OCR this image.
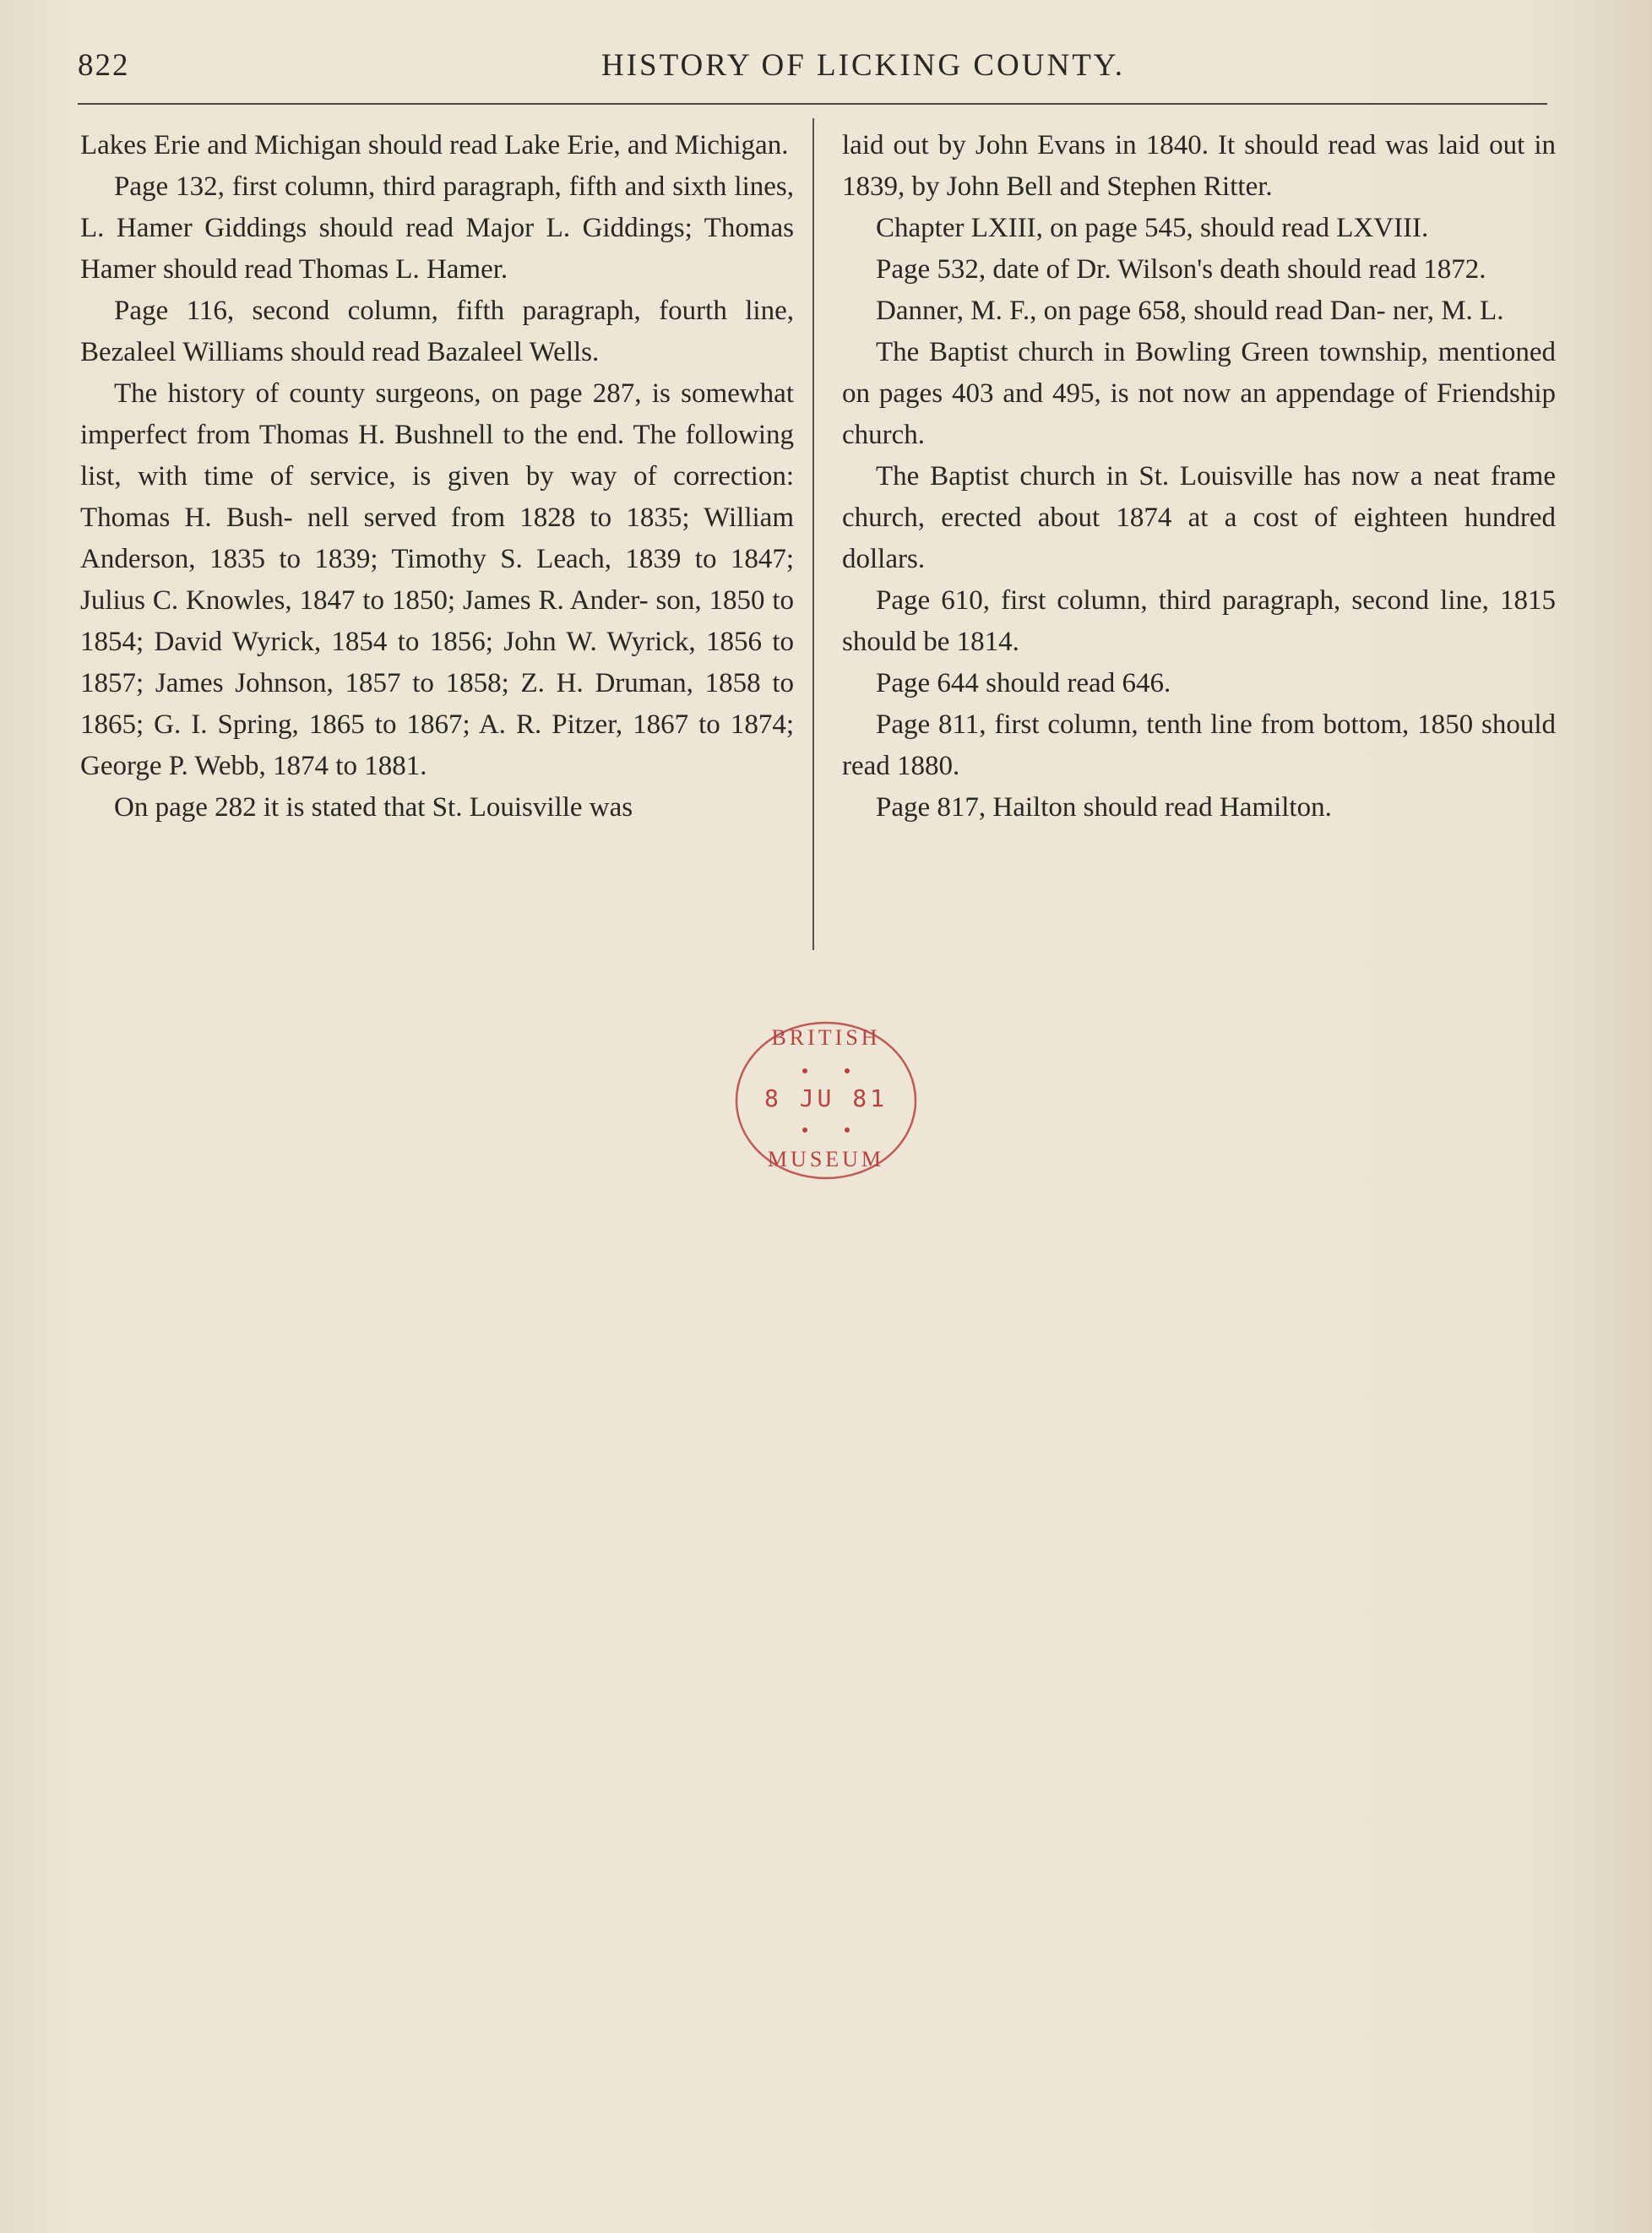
822	HISTORY OF LICKING COUNTY.

Lakes Erie and Michigan should read Lake Erie, and Michigan.

Page 132, first column, third paragraph, fifth and sixth lines, L. Hamer Giddings should read Major L. Giddings; Thomas Hamer should read Thomas L. Hamer.

Page 116, second column, fifth paragraph, fourth line, Bezaleel Williams should read Bazaleel Wells.

The history of county surgeons, on page 287, is somewhat imperfect from Thomas H. Bushnell to the end. The following list, with time of service, is given by way of correction: Thomas H. Bush- nell served from 1828 to 1835; William Anderson, 1835 to 1839; Timothy S. Leach, 1839 to 1847; Julius C. Knowles, 1847 to 1850; James R. Ander- son, 1850 to 1854; David Wyrick, 1854 to 1856; John W. Wyrick, 1856 to 1857; James Johnson, 1857 to 1858; Z. H. Druman, 1858 to 1865; G. I. Spring, 1865 to 1867; A. R. Pitzer, 1867 to 1874; George P. Webb, 1874 to 1881.

On page 282 it is stated that St. Louisville was

laid out by John Evans in 1840. It should read was laid out in 1839, by John Bell and Stephen Ritter.

Chapter LXIII, on page 545, should read LXVIII.

Page 532, date of Dr. Wilson's death should read 1872.

Danner, M. F., on page 658, should read Dan- ner, M. L.

The Baptist church in Bowling Green township, mentioned on pages 403 and 495, is not now an appendage of Friendship church.

The Baptist church in St. Louisville has now a neat frame church, erected about 1874 at a cost of eighteen hundred dollars.

Page 610, first column, third paragraph, second line, 1815 should be 1814.

Page 644 should read 646.

Page 811, first column, tenth line from bottom, 1850 should read 1880.

Page 817, Hailton should read Hamilton.

BRITISH
8 JU 81
MUSEUM
